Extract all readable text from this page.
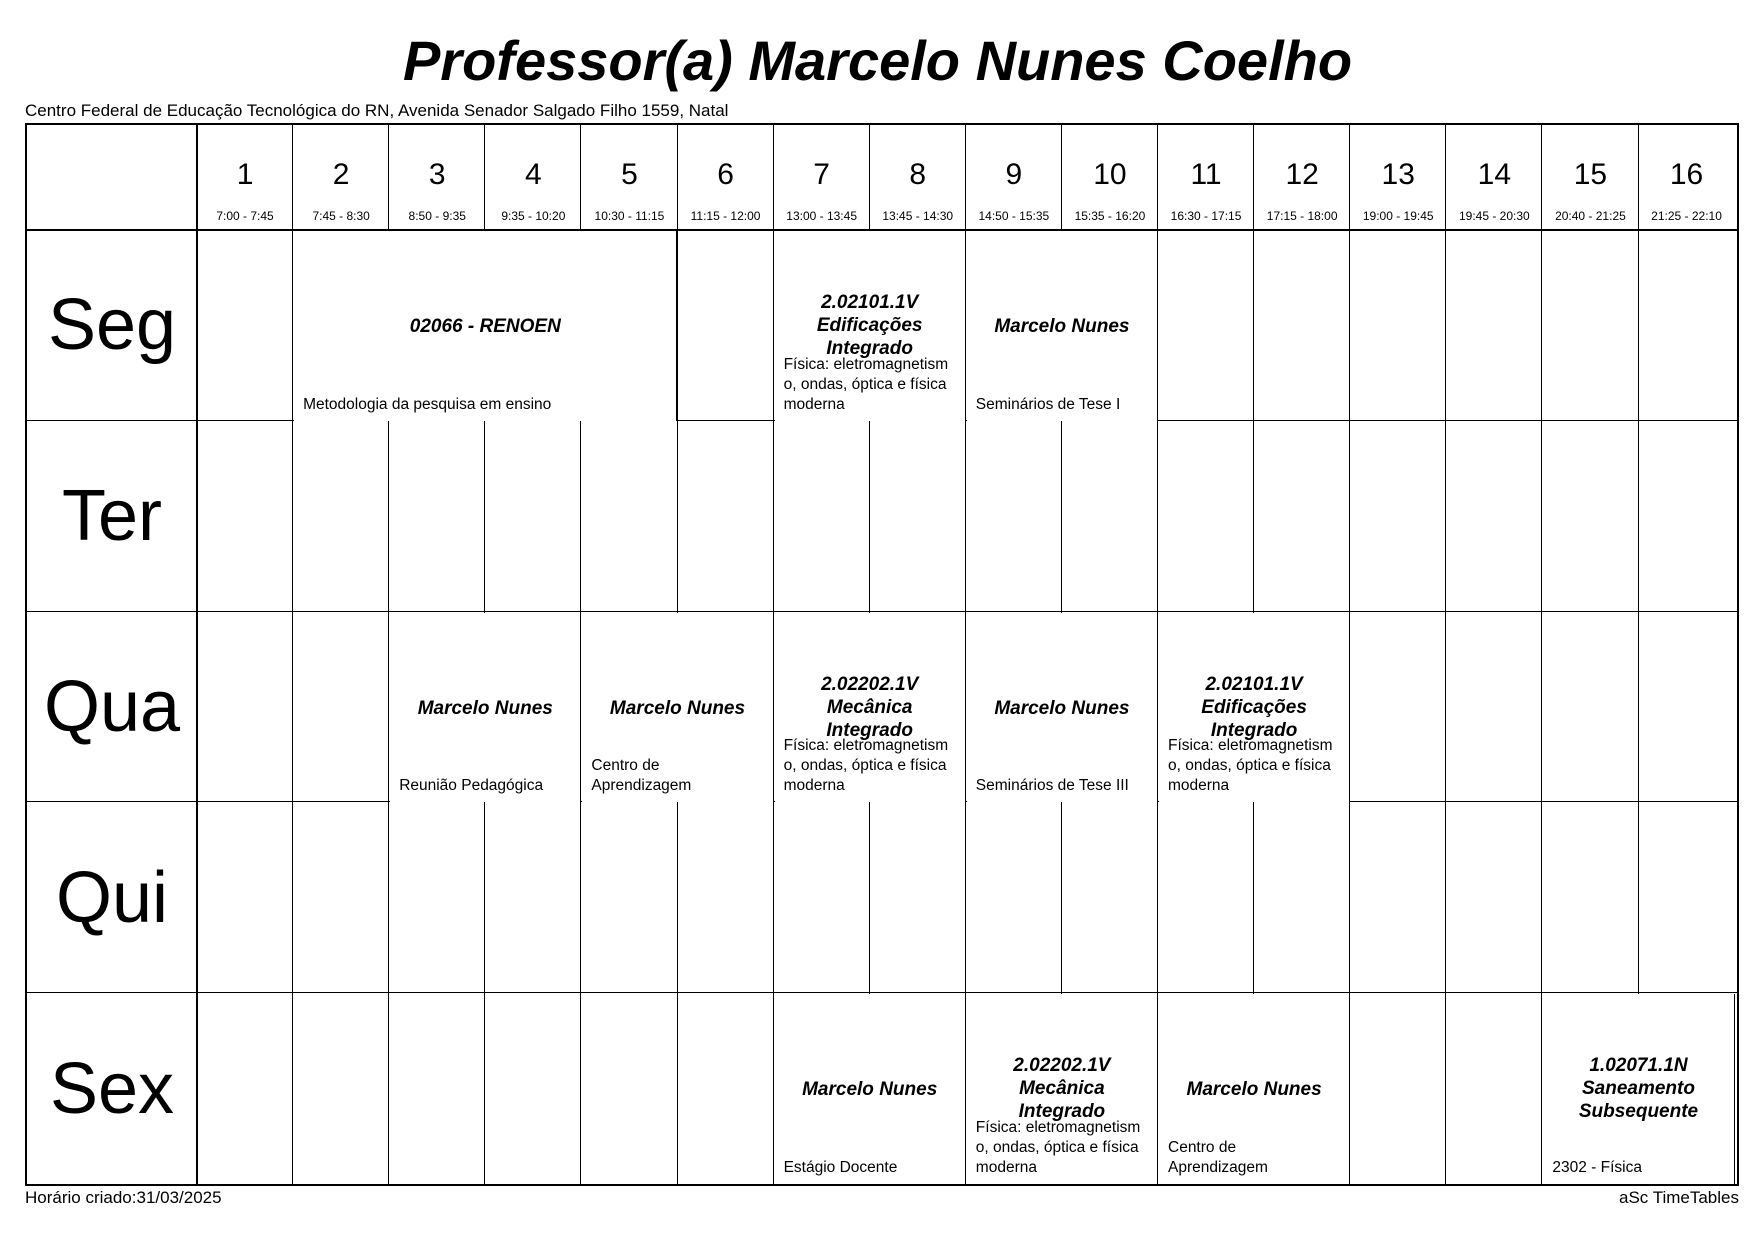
Professor(a) Marcelo Nunes Coelho
Centro Federal de Educação Tecnológica do RN, Avenida Senador Salgado Filho 1559, Natal
1
7:00 - 7:45
2
7:45 - 8:30
3
8:50 - 9:35
4
9:35 - 10:20
5
10:30 - 11:15
6
11:15 - 12:00
7
13:00 - 13:45
8
13:45 - 14:30
9
14:50 - 15:35
10
15:35 - 16:20
11
16:30 - 17:15
12
17:15 - 18:00
13
19:00 - 19:45
14
19:45 - 20:30
15
20:40 - 21:25
16
21:25 - 22:10
Seg
Ter
Qua
Qui
Sex
02066 - RENOEN
Metodologia da pesquisa em ensino
2.02101.1V
Edificações
Integrado
Física: eletromagnetism
o, ondas, óptica e física
moderna
Marcelo Nunes
Seminários de Tese I
Marcelo Nunes
Reunião Pedagógica
Marcelo Nunes
Centro de
Aprendizagem
2.02202.1V
Mecânica
Integrado
Física: eletromagnetism
o, ondas, óptica e física
moderna
Marcelo Nunes
Seminários de Tese III
2.02101.1V
Edificações
Integrado
Física: eletromagnetism
o, ondas, óptica e física
moderna
Marcelo Nunes
Estágio Docente
2.02202.1V
Mecânica
Integrado
Física: eletromagnetism
o, ondas, óptica e física
moderna
Marcelo Nunes
Centro de
Aprendizagem
1.02071.1N
Saneamento
Subsequente
2302 - Física
Horário criado:31/03/2025	aSc TimeTables
